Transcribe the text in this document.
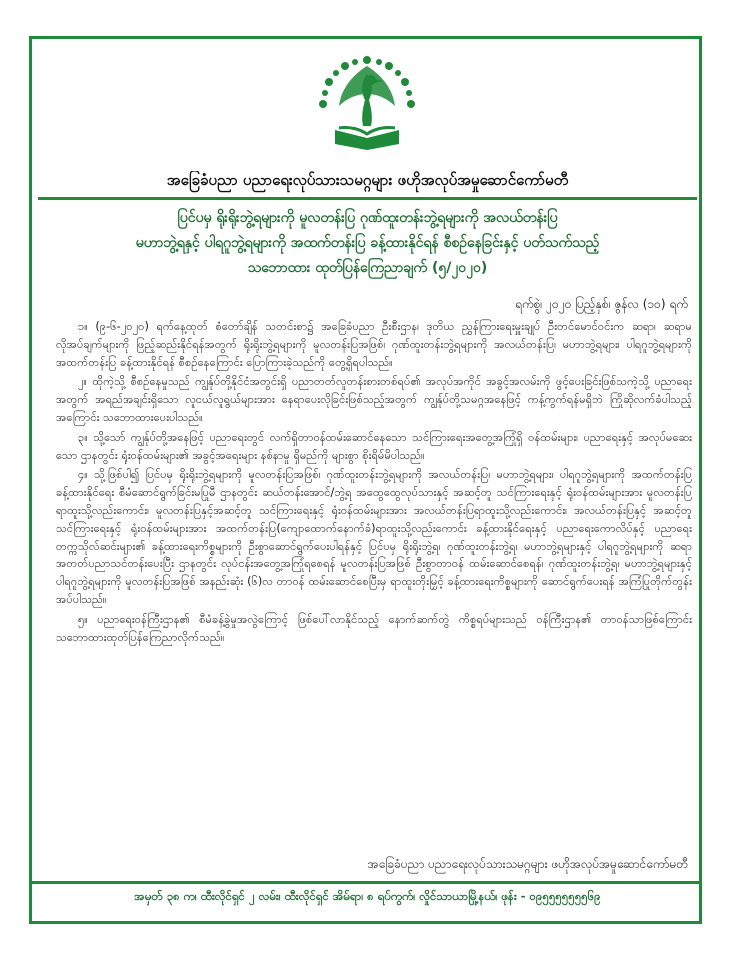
အခြေခံပညာ ပညာရေးလုပ်သားသမဂ္ဂများ ဖဟိုအလုပ်အမှုဆောင်ကော်မတီ
ပြင်ပမှ ရိုးရိုးဘွဲ့ရများကို မူလတန်းပြ ဂုဏ်ထူးတန်းဘွဲ့ရများကို အလယ်တန်းပြ
မဟာဘွဲ့ရနှင့် ပါရဂူဘွဲ့ရများကို အထက်တန်းပြ ခန့်ထားနိုင်ရန် စီစဉ်နေခြင်းနှင့် ပတ်သက်သည့်
သဘောထား ထုတ်ပြန်ကြေညာချက် (၅/၂၀၂၀)
ရက်စွဲ၊ ၂၀၂၀ ပြည့်နှစ်၊ ဇွန်လ (၁၀) ရက်

၁။ (၉-၆-၂၀၂၀) ရက်နေ့ထုတ် စံတော်ချိန် သတင်းစာ၌ အခြေခံပညာ ဦးစီးဌာန၊ ဒုတိယ ညွှန်ကြားရေးမှူးချုပ် ဦးတင်မောင်ဝင်းက ဆရာ၊ ဆရာမ လိုအပ်ချက်များကို ဖြည့်ဆည်းနိုင်ရန်အတွက် ရိုးရိုးဘွဲ့ရများကို မူလတန်းပြအဖြစ်၊ ဂုဏ်ထူးတန်းဘွဲ့ရများကို အလယ်တန်းပြ၊ မဟာဘွဲ့ရများ၊ ပါရဂူဘွဲ့ရများကို အထက်တန်းပြ ခန့်ထားနိုင်ရန် စီစဉ်နေကြောင်း ပြောကြားခဲ့သည်ကို တွေ့ရှိရပါသည်။

၂။ ထိုကဲ့သို့ စီစဉ်နေမှုသည် ကျွန်ုပ်တို့နိုင်ငံအတွင်းရှိ ပညာတတ်လူတန်းစားတစ်ရပ်၏ အလုပ်အကိုင် အခွင့်အလမ်းကို ဖွင့်ပေးခြင်းဖြစ်သကဲ့သို့ ပညာရေးအတွက် အရည်အချင်းရှိသော လူငယ်လူရွယ်များအား နေရာပေးလိုခြင်းဖြစ်သည့်အတွက် ကျွန်ုပ်တို့သမဂ္ဂအနေဖြင့် ကန့်ကွက်ရန်မရှိဘဲ ကြိုဆိုလက်ခံပါသည့်အကြောင်း သဘောထားပေးပါသည်။

၃။ သို့သော် ကျွန်ုပ်တို့အနေဖြင့် ပညာရေးတွင် လက်ရှိတာဝန်ထမ်းဆောင်နေသော သင်ကြားရေးအတွေ့အကြုံရှိ ဝန်ထမ်းများ၊ ပညာရေးနှင့် အလုပ်မဆေးသော ဌာနတွင်း ရုံးဝန်ထမ်းများ၏ အခွင့်အရေးများ နစ်နာမှု ရှိမည်ကို များစွာ စိုးရိမ်မိပါသည်။

၄။ သို့ဖြစ်ပါ၍ ပြင်ပမှ ရိုးရိုးဘွဲ့ရများကို မူလတန်းပြအဖြစ်၊ ဂုဏ်ထူးတန်းဘွဲ့ရများကို အလယ်တန်းပြ၊ မဟာဘွဲ့ရများ၊ ပါရဂူဘွဲ့ရများကို အထက်တန်းပြ ခန့်ထားနိုင်ရေး စီမံဆောင်ရွက်ခြင်းမပြုမီ ဌာနတွင်း ဆယ်တန်းအောင်/ဘွဲ့ရ အထွေထွေလုပ်သားနှင့် အဆင့်တူ သင်ကြားရေးနှင့် ရုံးဝန်ထမ်းများအား မူလတန်းပြရာထူးသို့လည်းကောင်း၊ မူလတန်းပြနှင့်အဆင့်တူ သင်ကြားရေးနှင့် ရုံးဝန်ထမ်းများအား အလယ်တန်းပြရာထူးသို့လည်းကောင်း၊ အလယ်တန်းပြနှင့် အဆင့်တူ သင်ကြားရေးနှင့် ရုံးဝန်ထမ်းများအား အထက်တန်းပြ(ကျောထောက်နောက်ခံ)ရာထူးသို့လည်းကောင်း ခန့်ထားနိုင်ရေးနှင့် ပညာရေးကောလိပ်နှင့် ပညာရေးတက္ကသိုလ်ဆင်းများ၏ ခန့်ထားရေးကိစ္စများကို ဦးစွာဆောင်ရွက်ပေးပါရန်နှင့် ပြင်ပမှ ရိုးရိုးဘွဲ့ရ၊ ဂုဏ်ထူးတန်းဘွဲ့ရ၊ မဟာဘွဲ့ရများနှင့် ပါရဂူဘွဲ့ရများကို ဆရာ အတတ်ပညာသင်တန်းပေးပြီး ဌာနတွင်း လုပ်ငန်းအတွေ့အကြုံရစေရန် မူလတန်းပြအဖြစ် ဦးစွာတာဝန် ထမ်းဆောင်စေရန်၊ ဂုဏ်ထူးတန်းဘွဲ့ရ၊ မဟာဘွဲ့ရများနှင့် ပါရဂူဘွဲ့ရများကို မူလတန်းပြအဖြစ် အနည်းဆုံး (၆)လ တာဝန် ထမ်းဆောင်စေပြီးမှ ရာထူးတိုးမြှင့် ခန့်ထားရေးကိစ္စများကို ဆောင်ရွက်ပေးရန် အကြံပြုတိုက်တွန်းအပ်ပါသည်။

၅။ ပညာရေးဝန်ကြီးဌာန၏ စီမံခန့်ခွဲမှုအလွဲကြောင့် ဖြစ်ပေါ်လာနိုင်သည့် နောက်ဆက်တွဲ ကိစ္စရပ်များသည် ဝန်ကြီးဌာန၏ တာဝန်သာဖြစ်ကြောင်း သဘောထားထုတ်ပြန်ကြေညာလိုက်သည်။

အခြေခံပညာ ပညာရေးလုပ်သားသမဂ္ဂများ ဖဟိုအလုပ်အမှုဆောင်ကော်မတီ
အမှတ် ၃၈ က၊ ထီးလိုင်ရှင် ၂ လမ်း၊ ထီးလိုင်ရှင် အိမ်ရာ၊ ၈ ရပ်ကွက်၊ လှိုင်သာယာမြို့နယ်၊ ဖုန်း - ၀၉၅၅၅၅၅၅၅၆၉
